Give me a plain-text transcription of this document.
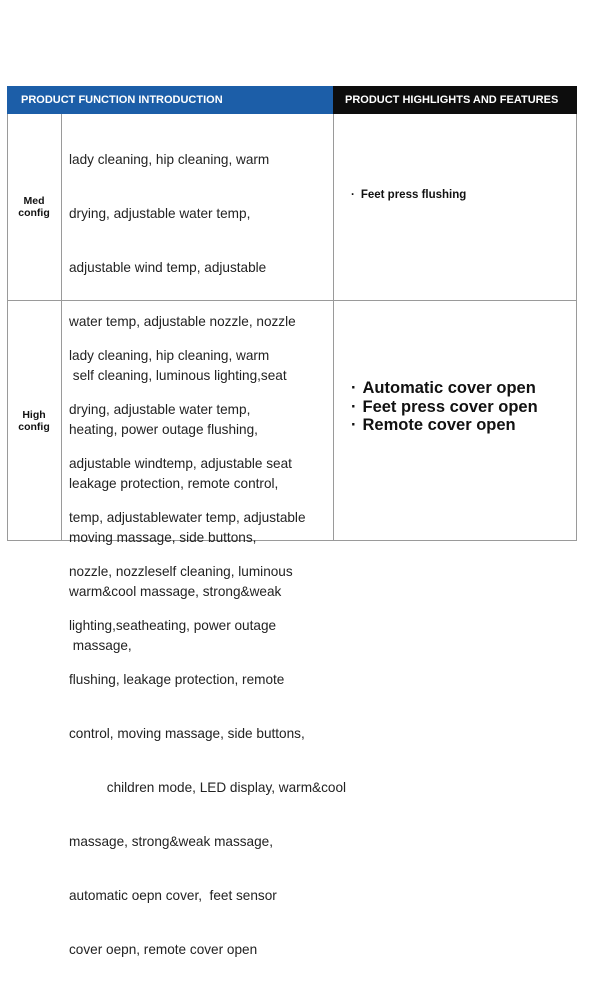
PRODUCT FUNCTION INTRODUCTION	PRODUCT HIGHLIGHTS AND FEATURES
Med
config

lady cleaning, hip cleaning, warm

drying, adjustable water temp,

adjustable wind temp, adjustable

water temp, adjustable nozzle, nozzle

self cleaning, luminous lighting,seat

heating, power outage flushing,

leakage protection, remote control,

moving massage, side buttons,

warm&cool massage, strong&weak

massage,

· Feet press flushing
High
config

lady cleaning, hip cleaning, warm

drying, adjustable water temp,

adjustable windtemp, adjustable seat

temp, adjustablewater temp, adjustable

nozzle, nozzleself cleaning, luminous

lighting,seatheating, power outage

flushing, leakage protection, remote

control, moving massage, side buttons,

children mode, LED display, warm&cool

massage, strong&weak massage,

automatic oepn cover,  feet sensor

cover oepn, remote cover open

· Automatic cover open
· Feet press cover open
· Remote cover open
